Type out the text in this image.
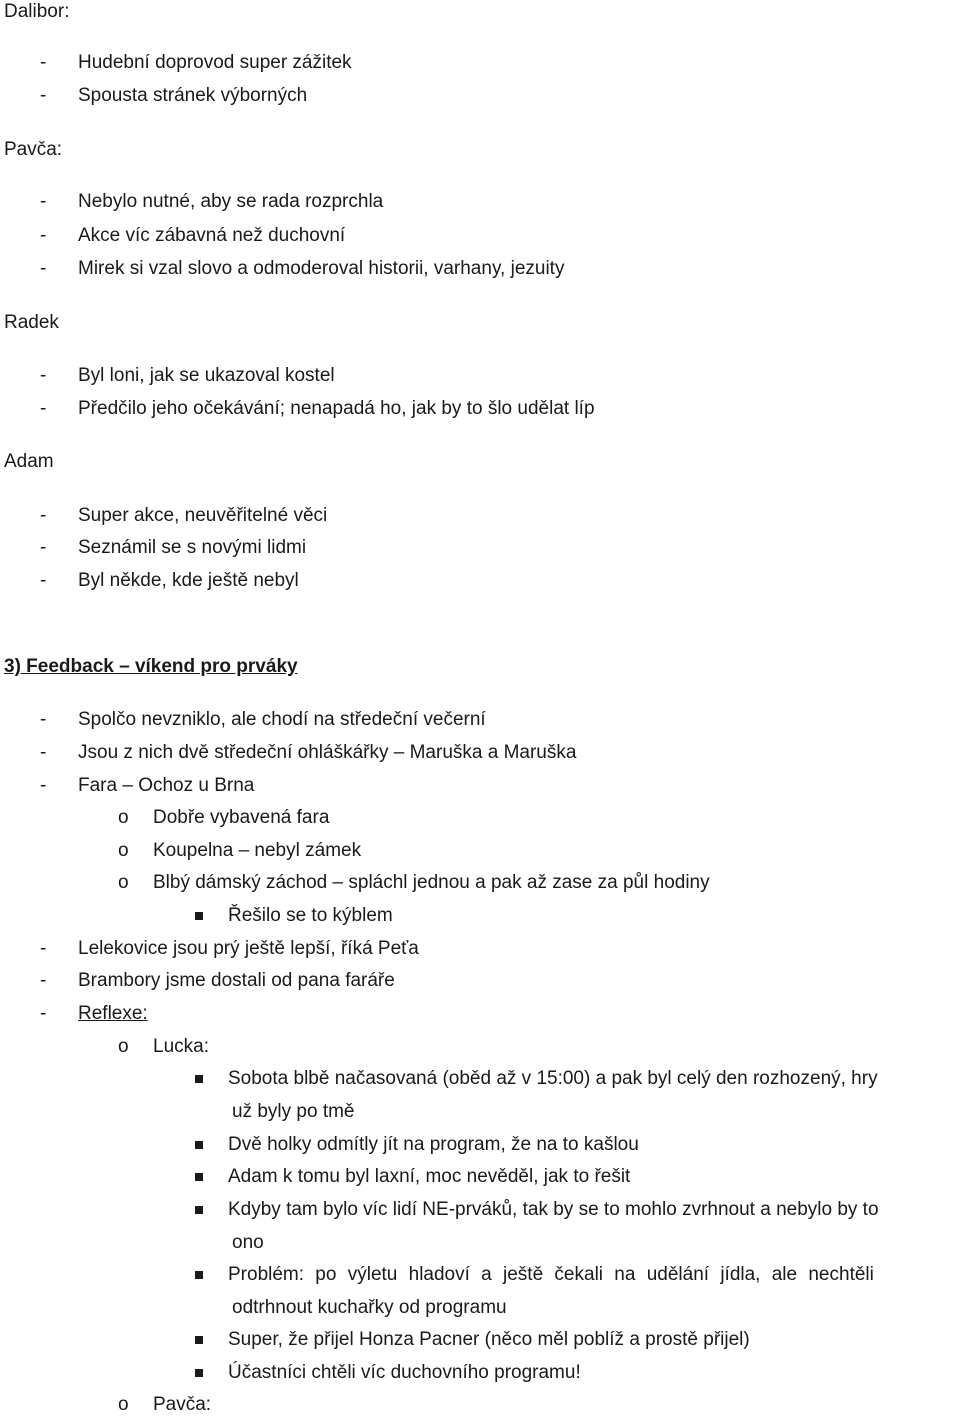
Dalibor:
- Hudební doprovod super zážitek
- Spousta stránek výborných
Pavča:
- Nebylo nutné, aby se rada rozprchla
- Akce víc zábavná než duchovní
- Mirek si vzal slovo a odmoderoval historii, varhany, jezuity
Radek
- Byl loni, jak se ukazoval kostel
- Předčilo jeho očekávání; nenapadá ho, jak by to šlo udělat líp
Adam
- Super akce, neuvěřitelné věci
- Seznámil se s novými lidmi
- Byl někde, kde ještě nebyl
3) Feedback – víkend pro prváky
- Spolčo nevzniklo, ale chodí na středeční večerní
- Jsou z nich dvě středeční ohláškářky – Maruška a Maruška
- Fara – Ochoz u Brna
o Dobře vybavená fara
o Koupelna – nebyl zámek
o Blbý dámský záchod – spláchl jednou a pak až zase za půl hodiny
Řešilo se to kýblem
- Lelekovice jsou prý ještě lepší, říká Peťa
- Brambory jsme dostali od pana faráře
- Reflexe:
o Lucka:
Sobota blbě načasovaná (oběd až v 15:00) a pak byl celý den rozhozený, hry
už byly po tmě
Dvě holky odmítly jít na program, že na to kašlou
Adam k tomu byl laxní, moc nevěděl, jak to řešit
Kdyby tam bylo víc lidí NE-prváků, tak by se to mohlo zvrhnout a nebylo by to
ono
Problém: po výletu hladoví a ještě čekali na udělání jídla, ale nechtěli
odtrhnout kuchařky od programu
Super, že přijel Honza Pacner (něco měl poblíž a prostě přijel)
Účastníci chtěli víc duchovního programu!
o Pavča:
